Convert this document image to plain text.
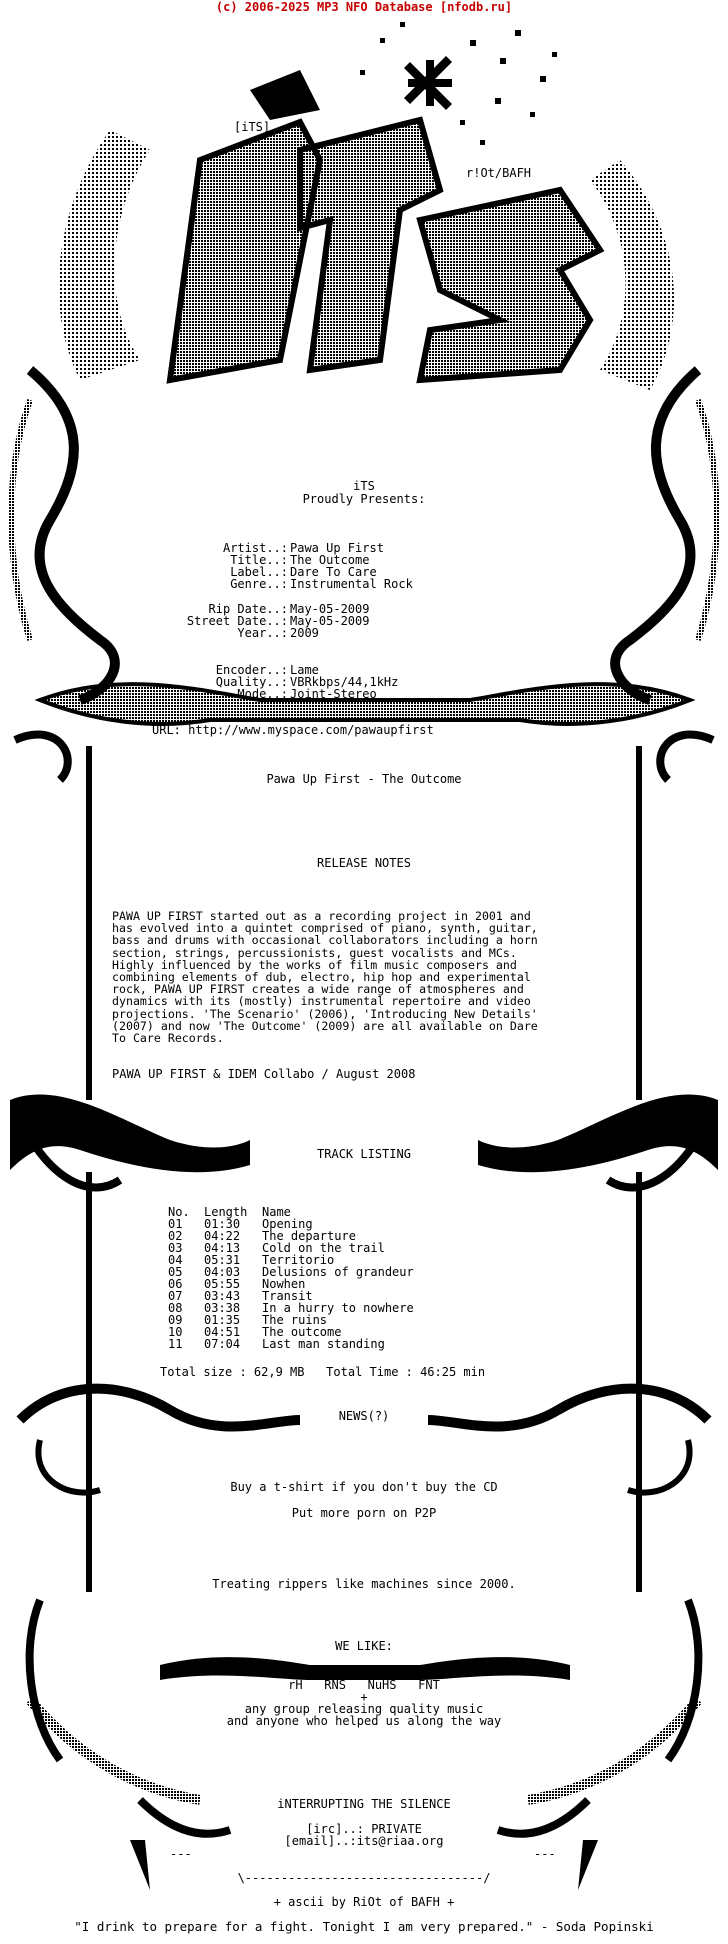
(c) 2006-2025 MP3 NFO Database [nfodb.ru]
[iTS]
r!Ot/BAFH
iTS
Proudly Presents:
Artist..: Pawa Up First
Title..: The Outcome
Label..: Dare To Care
Genre..: Instrumental Rock
Rip Date..: May-05-2009
Street Date..: May-05-2009
Year..: 2009
Encoder..: Lame
Quality..: VBRkbps/44,1kHz
Mode..: Joint-Stereo
URL: http://www.myspace.com/pawaupfirst
Pawa Up First - The Outcome
RELEASE NOTES
PAWA UP FIRST started out as a recording project in 2001 and has evolved into a quintet comprised of piano, synth, guitar, bass and drums with occasional collaborators including a horn section, strings, percussionists, guest vocalists and MCs. Highly influenced by the works of film music composers and combining elements of dub, electro, hip hop and experimental rock, PAWA UP FIRST creates a wide range of atmospheres and dynamics with its (mostly) instrumental repertoire and video projections. 'The Scenario' (2006), 'Introducing New Details' (2007) and now 'The Outcome' (2009) are all available on Dare To Care Records.
PAWA UP FIRST & IDEM Collabo / August 2008
TRACK LISTING
No. Length Name
01 01:30 Opening
02 04:22 The departure
03 04:13 Cold on the trail
04 05:31 Territorio
05 04:03 Delusions of grandeur
06 05:55 Nowhen
07 03:43 Transit
08 03:38 In a hurry to nowhere
09 01:35 The ruins
10 04:51 The outcome
11 07:04 Last man standing
Total size : 62,9 MB   Total Time : 46:25 min
NEWS(?)
Buy a t-shirt if you don't buy the CD
Put more porn on P2P
Treating rippers like machines since 2000.
WE LIKE:
rH   RNS   NuHS   FNT
+
any group releasing quality music
and anyone who helped us along the way
iNTERRUPTING THE SILENCE
[irc]..: PRIVATE
[email]..:its@riaa.org
---	---
\---------------------------------/
+ ascii by RiOt of BAFH +
"I drink to prepare for a fight. Tonight I am very prepared." - Soda Popinski
